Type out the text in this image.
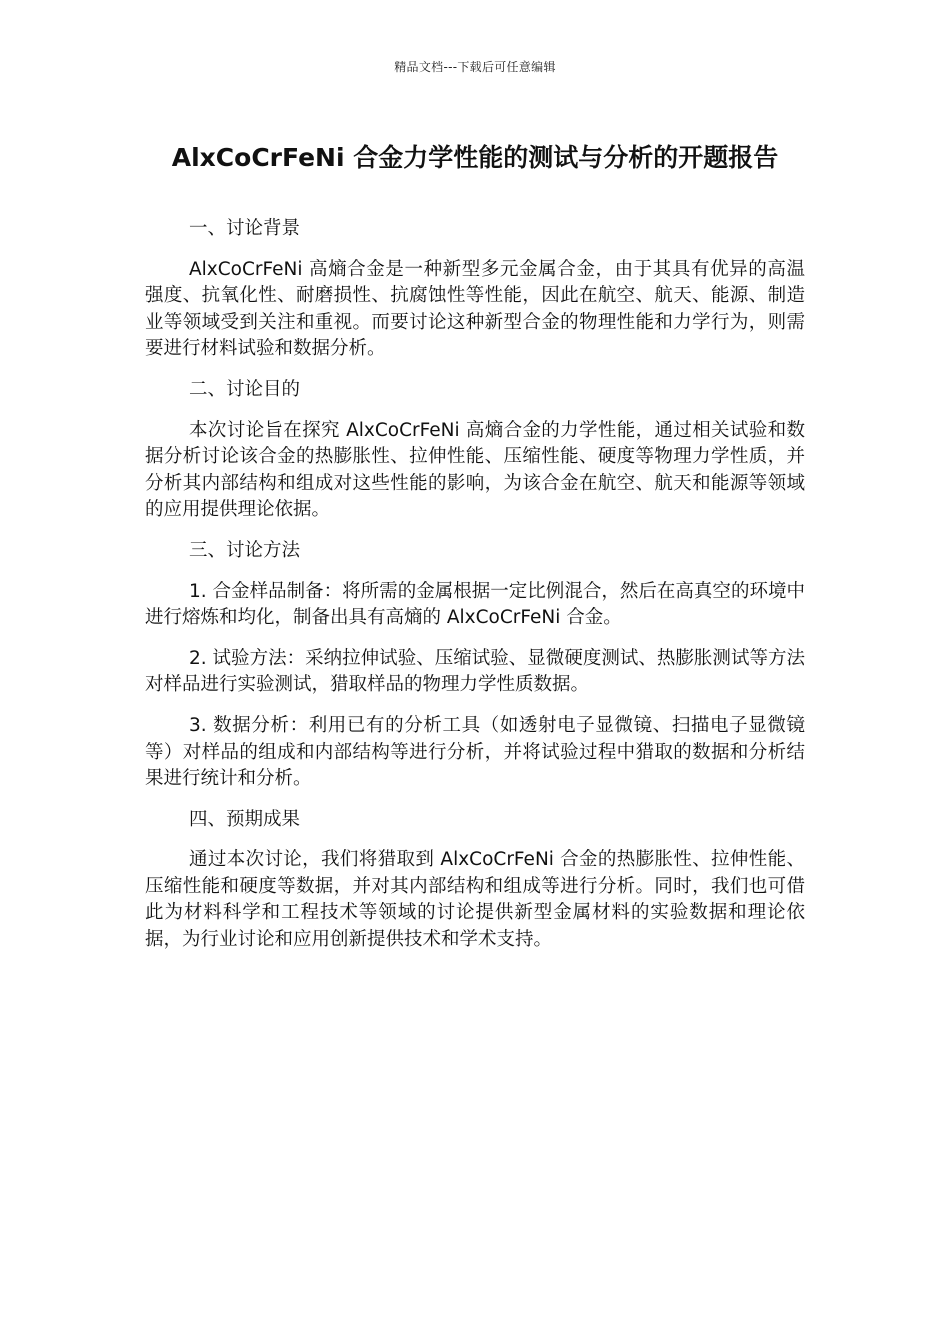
精品文档---下载后可任意编辑
AlxCoCrFeNi 合金力学性能的测试与分析的开题报告

一、讨论背景

AlxCoCrFeNi 高熵合金是一种新型多元金属合金，由于其具有优异的高温强度、抗氧化性、耐磨损性、抗腐蚀性等性能，因此在航空、航天、能源、制造业等领域受到关注和重视。而要讨论这种新型合金的物理性能和力学行为，则需要进行材料试验和数据分析。

二、讨论目的

本次讨论旨在探究 AlxCoCrFeNi 高熵合金的力学性能，通过相关试验和数据分析讨论该合金的热膨胀性、拉伸性能、压缩性能、硬度等物理力学性质，并分析其内部结构和组成对这些性能的影响，为该合金在航空、航天和能源等领域的应用提供理论依据。

三、讨论方法

1. 合金样品制备：将所需的金属根据一定比例混合，然后在高真空的环境中进行熔炼和均化，制备出具有高熵的 AlxCoCrFeNi 合金。

2. 试验方法：采纳拉伸试验、压缩试验、显微硬度测试、热膨胀测试等方法对样品进行实验测试，猎取样品的物理力学性质数据。

3. 数据分析：利用已有的分析工具（如透射电子显微镜、扫描电子显微镜等）对样品的组成和内部结构等进行分析，并将试验过程中猎取的数据和分析结果进行统计和分析。

四、预期成果

通过本次讨论，我们将猎取到 AlxCoCrFeNi 合金的热膨胀性、拉伸性能、压缩性能和硬度等数据，并对其内部结构和组成等进行分析。同时，我们也可借此为材料科学和工程技术等领域的讨论提供新型金属材料的实验数据和理论依据，为行业讨论和应用创新提供技术和学术支持。
